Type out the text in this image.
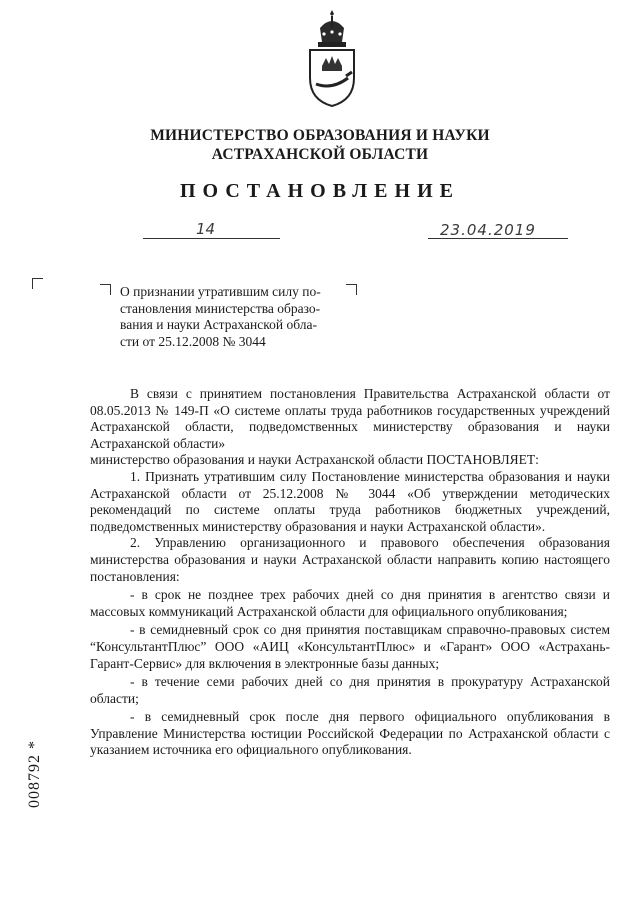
МИНИСТЕРСТВО ОБРАЗОВАНИЯ И НАУКИ
АСТРАХАНСКОЙ ОБЛАСТИ
ПОСТАНОВЛЕНИЕ
14	23.04.2019
О признании утратившим силу по-
становления министерства образо-
вания и науки Астраханской обла-
сти от 25.12.2008 № 3044

В связи с принятием постановления Правительства Астраханской области от 08.05.2013 № 149-П «О системе оплаты труда работников государственных учреждений Астраханской области, подведомственных министерству образования и науки Астраханской области»

министерство образования и науки Астраханской области ПОСТАНОВЛЯЕТ:

1. Признать утратившим силу Постановление министерства образования и науки Астраханской области от 25.12.2008 № 3044 «Об утверждении методических рекомендаций по системе оплаты труда работников бюджетных учреждений, подведомственных министерству образования и науки Астраханской области».

2. Управлению организационного и правового обеспечения образования министерства образования и науки Астраханской области направить копию настоящего постановления:

- в срок не позднее трех рабочих дней со дня принятия в агентство связи и массовых коммуникаций Астраханской области для официального опубликования;

- в семидневный срок со дня принятия поставщикам справочно-правовых систем “КонсультантПлюс” ООО «АИЦ «КонсультантПлюс» и «Гарант» ООО «Астрахань-Гарант-Сервис» для включения в электронные базы данных;

- в течение семи рабочих дней со дня принятия в прокуратуру Астраханской области;

- в семидневный срок после дня первого официального опубликования в Управление Министерства юстиции Российской Федерации по Астраханской области с указанием источника его официального опубликования.

008792 *
